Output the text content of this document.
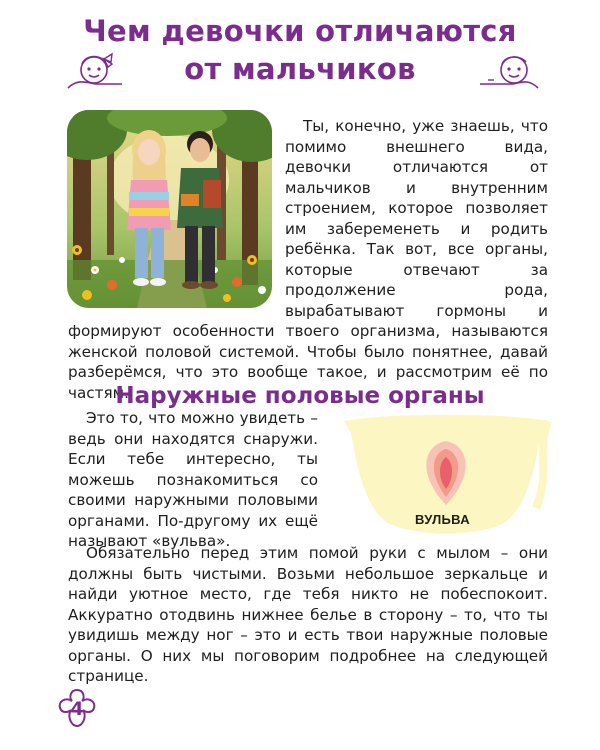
Чем девочки отличаются
от мальчиков
Ты, конечно, уже знаешь, что помимо внешнего вида, девочки отличаются от мальчиков и внутренним строением, которое позволяет им забеременеть и родить ребёнка. Так вот, все органы, которые отвечают за продолжение рода, вырабатывают гормоны и формируют особенности твоего организма, называются женской половой системой. Чтобы было понятнее, давай разберёмся, что это вообще такое, и рассмотрим её по частям.
Наружные половые органы
ВУЛЬВА
Это то, что можно увидеть – ведь они находятся снаружи. Если тебе интересно, ты можешь познакомиться со своими наружными половыми органами. По-другому их ещё называют «вульва».
Обязательно перед этим помой руки с мылом – они должны быть чистыми. Возьми небольшое зеркальце и найди уютное место, где тебя никто не побеспокоит. Аккуратно отодвинь нижнее белье в сторону – то, что ты увидишь между ног – это и есть твои наружные половые органы. О них мы поговорим подробнее на следующей странице.
4
